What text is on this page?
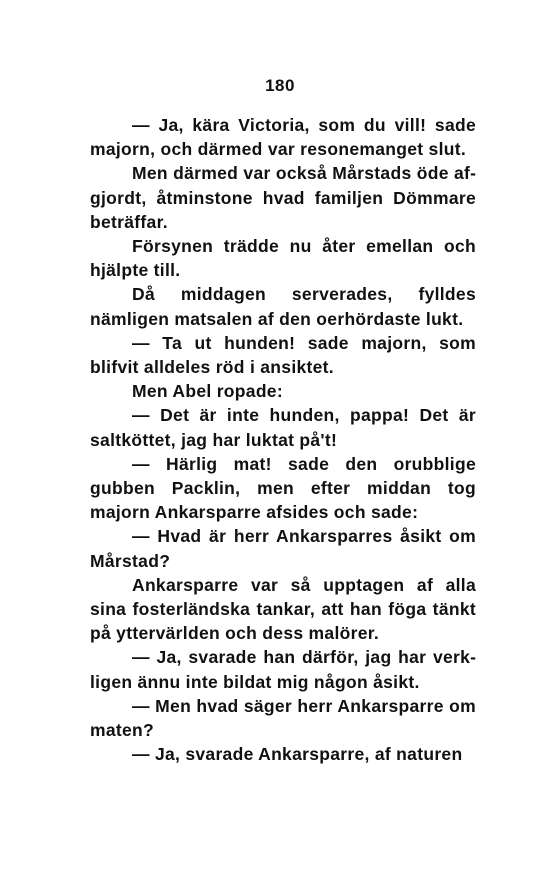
180

— Ja, kära Victoria, som du vill! sade majorn, och därmed var resonemanget slut.

Men därmed var också Mårstads öde afgjordt, åtminstone hvad familjen Dömmare beträffar.

Försynen trädde nu åter emellan och hjälpte till.

Då middagen serverades, fylldes nämligen matsalen af den oerhördaste lukt.

— Ta ut hunden! sade majorn, som blifvit alldeles röd i ansiktet.

Men Abel ropade:

— Det är inte hunden, pappa! Det är saltköttet, jag har luktat på't!

— Härlig mat! sade den orubblige gubben Packlin, men efter middan tog majorn Ankarsparre afsides och sade:

— Hvad är herr Ankarsparres åsikt om Mårstad?

Ankarsparre var så upptagen af alla sina fosterländska tankar, att han föga tänkt på yttervärlden och dess malörer.

— Ja, svarade han därför, jag har verkligen ännu inte bildat mig någon åsikt.

— Men hvad säger herr Ankarsparre om maten?

— Ja, svarade Ankarsparre, af naturen
